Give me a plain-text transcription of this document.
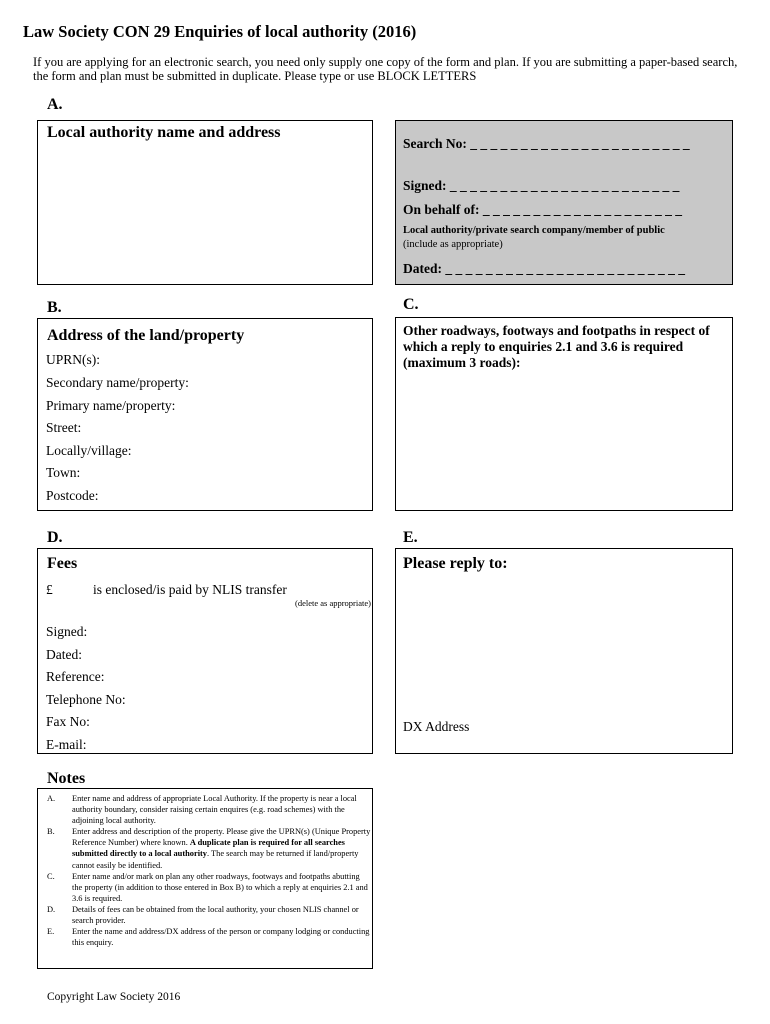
Law Society CON 29 Enquiries of local authority (2016)
If you are applying for an electronic search, you need only supply one copy of the form and plan. If you are submitting a paper-based search, the form and plan must be submitted in duplicate. Please type or use BLOCK LETTERS
A.
Local authority name and address
Search No: _ _ _ _ _ _ _ _ _ _ _ _ _ _ _ _ _ _ _ _ _ _
Signed: _ _ _ _ _ _ _ _ _ _ _ _ _ _ _ _ _ _ _ _ _ _ _
On behalf of: _ _ _ _ _ _ _ _ _ _ _ _ _ _ _ _ _ _ _ _
Local authority/private search company/member of public
(include as appropriate)
Dated: _ _ _ _ _ _ _ _ _ _ _ _ _ _ _ _ _ _ _ _ _ _ _ _
B.
Address of the land/property
UPRN(s):
Secondary name/property:
Primary name/property:
Street:
Locally/village:
Town:
Postcode:
C.
Other roadways, footways and footpaths in respect of which a reply to enquiries 2.1 and 3.6 is required (maximum 3 roads):
D.
Fees
£	is enclosed/is paid by NLIS transfer
(delete as appropriate)
Signed:
Dated:
Reference:
Telephone No:
Fax No:
E-mail:
E.
Please reply to:
DX Address
Notes
A. Enter name and address of appropriate Local Authority. If the property is near a local authority boundary, consider raising certain enquires (e.g. road schemes) with the adjoining local authority.
B. Enter address and description of the property. Please give the UPRN(s) (Unique Property Reference Number) where known. A duplicate plan is required for all searches submitted directly to a local authority. The search may be returned if land/property cannot easily be identified.
C. Enter name and/or mark on plan any other roadways, footways and footpaths abutting the property (in addition to those entered in Box B) to which a reply at enquiries 2.1 and 3.6 is required.
D. Details of fees can be obtained from the local authority, your chosen NLIS channel or search provider.
E. Enter the name and address/DX address of the person or company lodging or conducting this enquiry.
Copyright Law Society 2016
